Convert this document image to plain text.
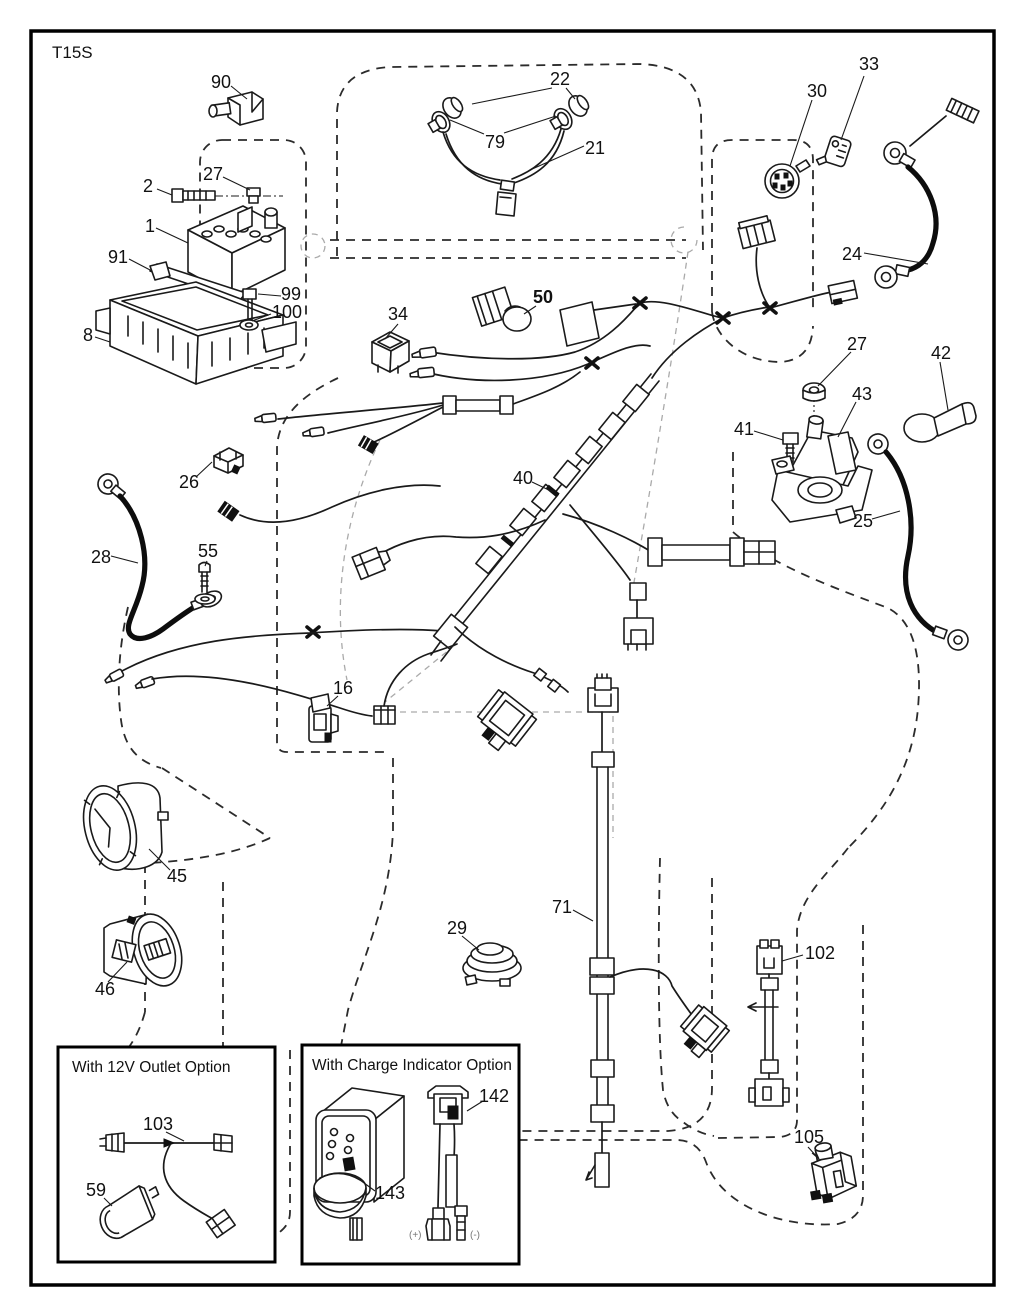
T15S
With 12V Outlet Option	With Charge Indicator Option
(+)	(-)
90
2
27
1
91
99
100
8
22
79	21
30
33
24
34
50
27	42
43
41
26	40
28	55
25
16
45
46
29
71
102
105
103
59
142
143
